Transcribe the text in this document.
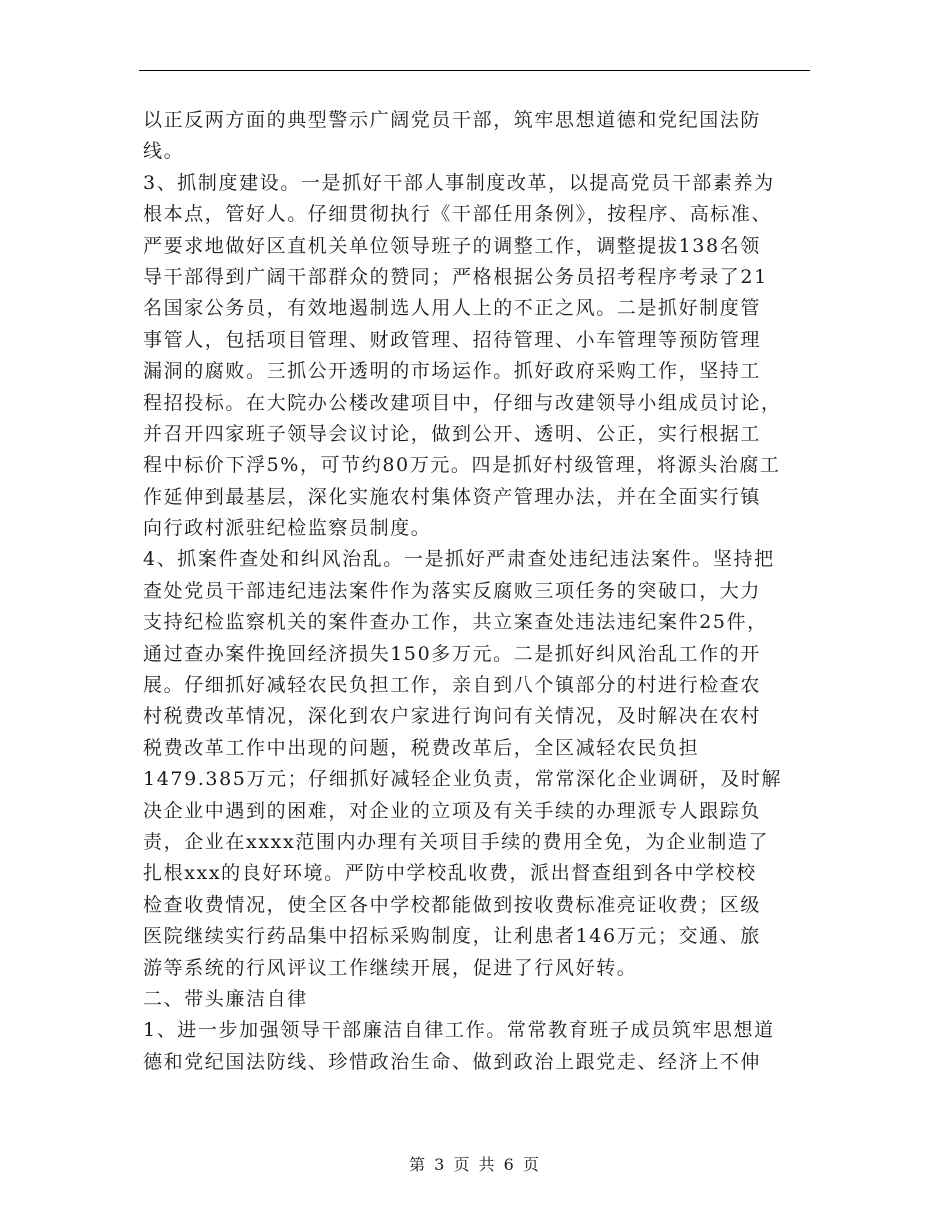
以正反两方面的典型警示广阔党员干部，筑牢思想道德和党纪国法防
线。
3、抓制度建设。一是抓好干部人事制度改革，以提高党员干部素养为
根本点，管好人。仔细贯彻执行《干部任用条例》，按程序、高标准、
严要求地做好区直机关单位领导班子的调整工作，调整提拔138名领
导干部得到广阔干部群众的赞同；严格根据公务员招考程序考录了21
名国家公务员，有效地遏制选人用人上的不正之风。二是抓好制度管
事管人，包括项目管理、财政管理、招待管理、小车管理等预防管理
漏洞的腐败。三抓公开透明的市场运作。抓好政府采购工作，坚持工
程招投标。在大院办公楼改建项目中，仔细与改建领导小组成员讨论，
并召开四家班子领导会议讨论，做到公开、透明、公正，实行根据工
程中标价下浮5%，可节约80万元。四是抓好村级管理，将源头治腐工
作延伸到最基层，深化实施农村集体资产管理办法，并在全面实行镇
向行政村派驻纪检监察员制度。
4、抓案件查处和纠风治乱。一是抓好严肃查处违纪违法案件。坚持把
查处党员干部违纪违法案件作为落实反腐败三项任务的突破口，大力
支持纪检监察机关的案件查办工作，共立案查处违法违纪案件25件，
通过查办案件挽回经济损失150多万元。二是抓好纠风治乱工作的开
展。仔细抓好减轻农民负担工作，亲自到八个镇部分的村进行检查农
村税费改革情况，深化到农户家进行询问有关情况，及时解决在农村
税费改革工作中出现的问题，税费改革后，全区减轻农民负担
1479.385万元；仔细抓好减轻企业负责，常常深化企业调研，及时解
决企业中遇到的困难，对企业的立项及有关手续的办理派专人跟踪负
责，企业在xxxx范围内办理有关项目手续的费用全免，为企业制造了
扎根xxx的良好环境。严防中学校乱收费，派出督查组到各中学校校
检查收费情况，使全区各中学校都能做到按收费标准亮证收费；区级
医院继续实行药品集中招标采购制度，让利患者146万元；交通、旅
游等系统的行风评议工作继续开展，促进了行风好转。
二、带头廉洁自律
1、进一步加强领导干部廉洁自律工作。常常教育班子成员筑牢思想道
德和党纪国法防线、珍惜政治生命、做到政治上跟党走、经济上不伸
第 3 页 共 6 页
